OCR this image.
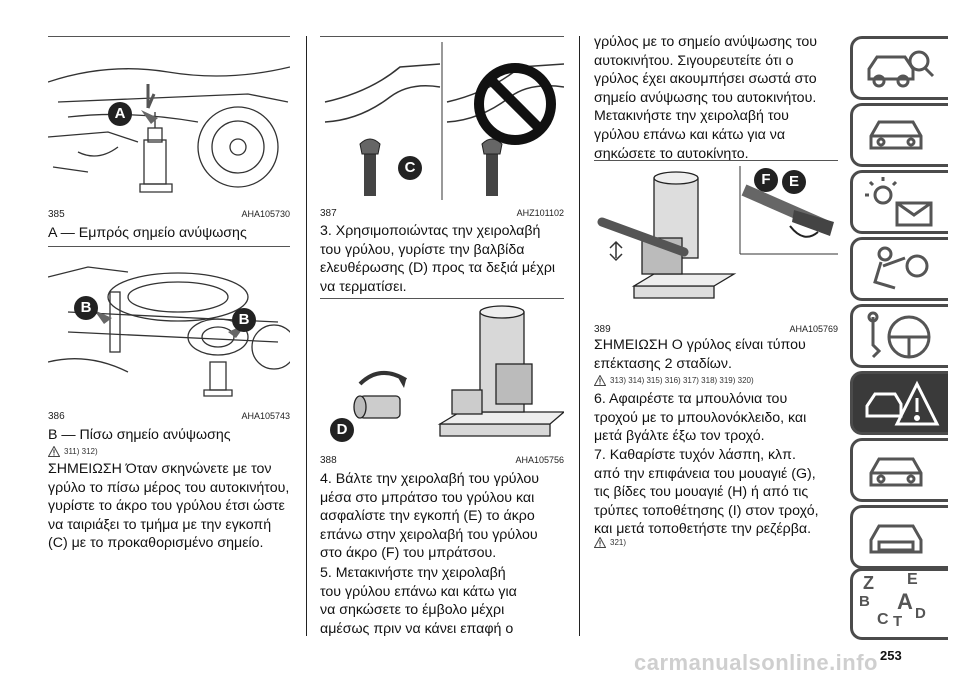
A
385	AHA105730
A — Εμπρός σημείο ανύψωσης
B
B
386	AHA105743
B — Πίσω σημείο ανύψωσης
311) 312)

ΣΗΜΕΙΩΣΗ Όταν σκηνώνετε με τον

γρύλο το πίσω μέρος του αυτοκινήτου,

γυρίστε το άκρο του γρύλου έτσι ώστε

να ταιριάξει το τμήμα με την εγκοπή

(C) με το προκαθορισμένο σημείο.

C
387	AHZ101102

3. Χρησιμοποιώντας την χειρολαβή

του γρύλου, γυρίστε την βαλβίδα

ελευθέρωσης (D) προς τα δεξιά μέχρι

να τερματίσει.

D
388	AHA105756

4. Βάλτε την χειρολαβή του γρύλου

μέσα στο μπράτσο του γρύλου και

ασφαλίστε την εγκοπή (E) το άκρο

επάνω στην χειρολαβή του γρύλου

στο άκρο (F) του μπράτσου.

5. Μετακινήστε την χειρολαβή

του γρύλου επάνω και κάτω για

να σηκώσετε το έμβολο μέχρι

αμέσως πριν να κάνει επαφή ο

γρύλος με το σημείο ανύψωσης του

αυτοκινήτου. Σιγουρευτείτε ότι ο

γρύλος έχει ακουμπήσει σωστά στο

σημείο ανύψωσης του αυτοκινήτου.

Μετακινήστε την χειρολαβή του

γρύλου επάνω και κάτω για να

σηκώσετε το αυτοκίνητο.

F	E
389	AHA105769

ΣΗΜΕΙΩΣΗ Ο γρύλος είναι τύπου

επέκτασης 2 σταδίων.

313) 314) 315) 316) 317) 318) 319) 320)

6. Αφαιρέστε τα μπουλόνια του

τροχού με το μπουλονόκλειδο, και

μετά βγάλτε έξω τον τροχό.

7. Καθαρίστε τυχόν λάσπη, κλπ.

από την επιφάνεια του μουαγιέ (G),

τις βίδες του μουαγιέ (H) ή από τις

τρύπες τοποθέτησης (I) στον τροχό,

και μετά τοποθετήστε την ρεζέρβα.

321)
Z E
B A
C T D
253
carmanualsonline.info
